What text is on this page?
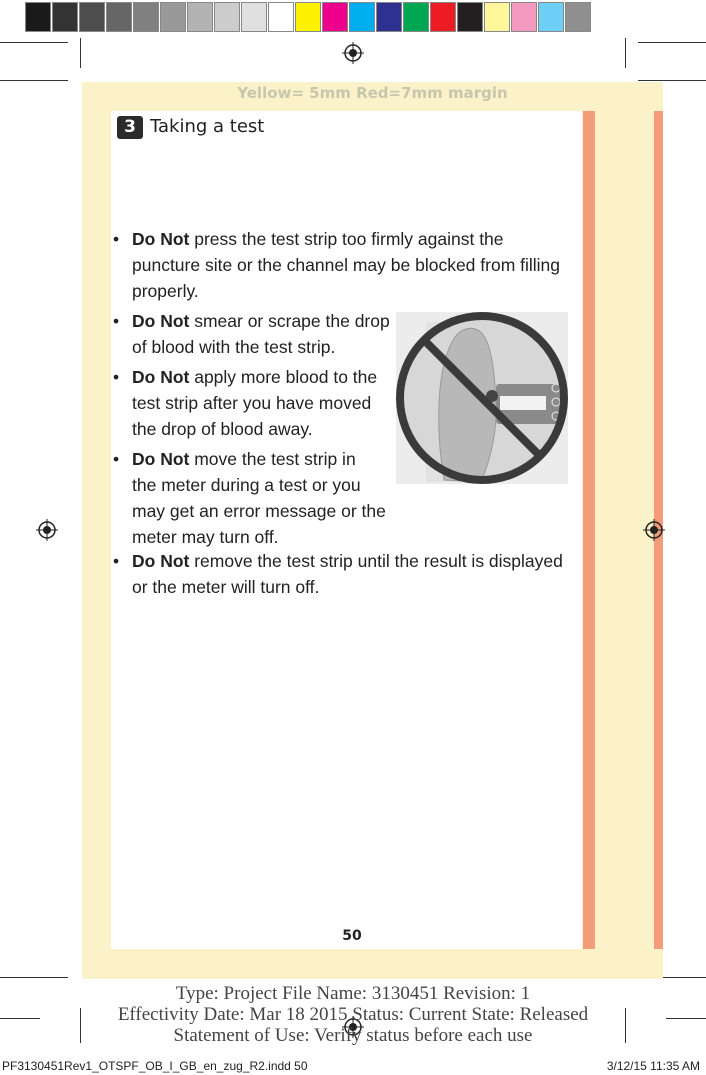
Yellow= 5mm Red=7mm margin
3 Taking a test
• Do Not press the test strip too firmly against the
puncture site or the channel may be blocked from filling
properly.
• Do Not smear or scrape the drop
of blood with the test strip.
• Do Not apply more blood to the
test strip after you have moved
the drop of blood away.
• Do Not move the test strip in
the meter during a test or you
may get an error message or the
meter may turn off.
• Do Not remove the test strip until the result is displayed
or the meter will turn off.
50
Type: Project File Name: 3130451 Revision: 1
Effectivity Date: Mar 18 2015 Status: Current State: Released
Statement of Use: Verify status before each use
PF3130451Rev1_OTSPF_OB_I_GB_en_zug_R2.indd 50	3/12/15 11:35 AM
